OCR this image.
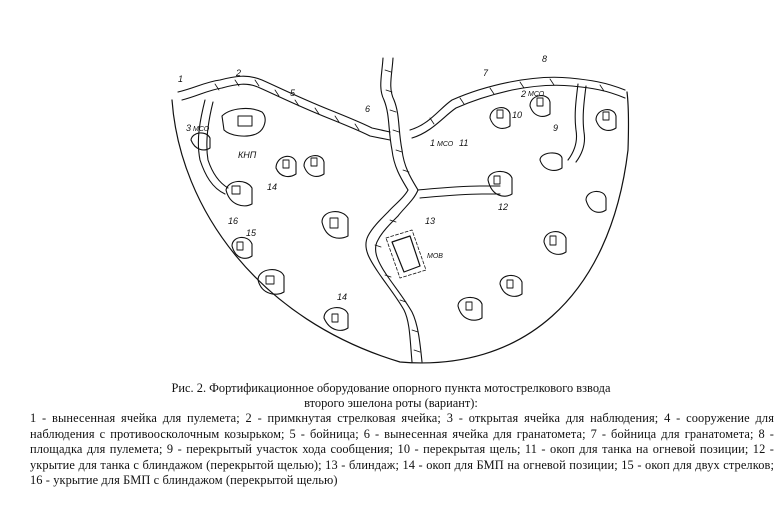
1
2
5
6
7
8
9
10
11
12
13
14
14
15
16
2
3 МСО
1 МСО
МСО
КНП
МОВ
Рис. 2. Фортификационное оборудование опорного пункта мотострелкового взвода
второго эшелона роты (вариант):
1 - вынесенная ячейка для пулемета; 2 - примкнутая стрелковая ячейка; 3 - открытая ячейка для наблюдения; 4 - сооружение для наблюдения с противоосколочным козырьком; 5 - бойница; 6 - вынесенная ячейка для гранатомета; 7 - бойница для гранатомета; 8 - площадка для пулемета; 9 - перекрытый участок хода сообщения; 10 - перекрытая щель; 11 - окоп для танка на огневой позиции; 12 - укрытие для танка с блиндажом (перекрытой щелью); 13 - блиндаж; 14 - окоп для БМП на огневой позиции; 15 - окоп для двух стрелков; 16 - укрытие для БМП с блиндажом (перекрытой щелью)
